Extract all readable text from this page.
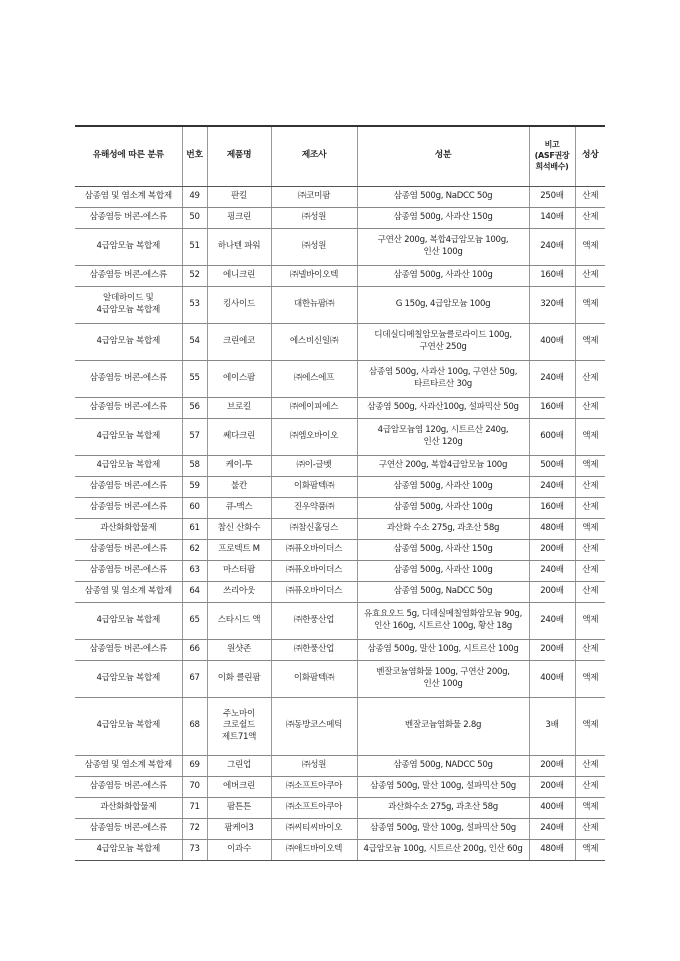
유해성에 따른 분류	번호	제품명	제조사	성분	비고
(ASF권장
희석배수)	성상
삼종염 및 염소계 복합제	49	판킬	㈜코미팜	삼종염 500g, NaDCC 50g	250배	산제
삼종염등 버콘-에스류	50	핑크린	㈜성원	삼종염 500g, 사과산 150g	140배	산제
4급암모늄 복합제	51	하나텐 파워	㈜성원	구연산 200g, 복합4급암모늄 100g,
인산 100g	240배	액제
삼종염등 버콘-에스류	52	에니크린	㈜넬바이오텍	삼종염 500g, 사과산 100g	160배	산제
알데하이드 및
4급암모늄 복합제	53	킹사이드	대한뉴팜㈜	G 150g, 4급암모늄 100g	320배	액제
4급암모늄 복합제	54	크린에코	에스비신일㈜	디데실디메칠암모늄클로라이드 100g,
구연산 250g	400배	액제
삼종염등 버콘-에스류	55	에이스팜	㈜에스에프	삼종염 500g, 사과산 100g, 구연산 50g,
타르타르산 30g	240배	산제
삼종염등 버콘-에스류	56	브로킬	㈜에이피에스	삼종염 500g, 사과산100g, 설파믹산 50g	160배	산제
4급암모늄 복합제	57	쎄다크린	㈜엠오바이오	4급암모늄염 120g, 시트르산 240g,
인산 120g	600배	액제
4급암모늄 복합제	58	케이-투	㈜이-글벳	구연산 200g, 복합4급암모늄 100g	500배	액제
삼종염등 버콘-에스류	59	불칸	이화팜텍㈜	삼종염 500g, 사과산 100g	240배	산제
삼종염등 버콘-에스류	60	큐-맥스	진우약품㈜	삼종염 500g, 사과산 100g	160배	산제
과산화화합물제	61	참신 산화수	㈜참신홀딩스	과산화 수소 275g, 과초산 58g	480배	액제
삼종염등 버콘-에스류	62	프로텍트 M	㈜퓨오바이더스	삼종염 500g, 사과산 150g	200배	산제
삼종염등 버콘-에스류	63	마스터팜	㈜퓨오바이더스	삼종염 500g, 사과산 100g	240배	산제
삼종염 및 염소계 복합제	64	쓰리아웃	㈜퓨오바이더스	삼종염 500g, NaDCC 50g	200배	산제
4급암모늄 복합제	65	스타시드 액	㈜한풍산업	유효요오드 5g, 디데실메칠염화암모늄 90g,
인산 160g, 시트르산 100g, 황산 18g	240배	액제
삼종염등 버콘-에스류	66	원샷존	㈜한풍산업	삼종염 500g, 말산 100g, 시트르산 100g	200배	산제
4급암모늄 복합제	67	이화 클린팜	이화팜텍㈜	벤잘코늄염화물 100g, 구연산 200g,
인산 100g	400배	액제
4급암모늄 복합제	68	주노마이
크로쉴드
제트71액	㈜동방코스메틱	벤잘코늄염화물 2.8g	3배	액제
삼종염 및 염소계 복합제	69	그린업	㈜성원	삼종염 500g, NADCC 50g	200배	산제
삼종염등 버콘-에스류	70	에버크린	㈜소프트아쿠아	삼종염 500g, 말산 100g, 설파믹산 50g	200배	산제
과산화화합물제	71	팜튼튼	㈜소프트아쿠아	과산화수소 275g, 과초산 58g	400배	액제
삼종염등 버콘-에스류	72	팜케어3	㈜씨티씨바이오	삼종염 500g, 말산 100g, 설파믹산 50g	240배	산제
4급암모늄 복합제	73	이과수	㈜애드바이오텍	4급암모늄 100g, 시트르산 200g, 인산 60g	480배	액제
